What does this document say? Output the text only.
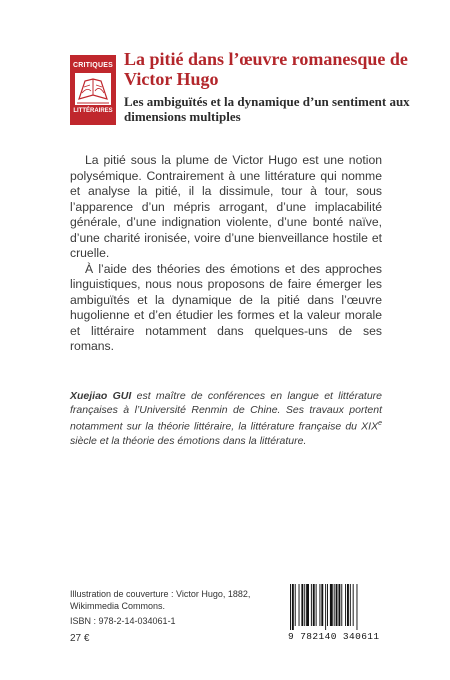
CRITIQUES
LITTÉRAIRES
La pitié dans l’œuvre romanesque de Victor Hugo
Les ambiguïtés et la dynamique d’un sentiment aux dimensions multiples

La pitié sous la plume de Victor Hugo est une notion polysémique. Contrairement à une littérature qui nomme et analyse la pitié, il la dissimule, tour à tour, sous l’apparence d’un mépris arrogant, d’une implacabilité générale, d’une indignation violente, d’une bonté naïve, d’une charité ironisée, voire d’une bienveillance hostile et cruelle.

À l’aide des théories des émotions et des approches linguistiques, nous nous proposons de faire émerger les ambiguïtés et la dynamique de la pitié dans l’œuvre hugolienne et d’en étudier les formes et la valeur morale et littéraire notamment dans quelques-uns de ses romans.

Xuejiao GUI est maître de conférences en langue et littérature françaises à l’Université Renmin de Chine. Ses travaux portent notamment sur la théorie littéraire, la littérature française du XIXe siècle et la théorie des émotions dans la littérature.
Illustration de couverture : Victor Hugo, 1882, Wikimmedia Commons.
ISBN : 978-2-14-034061-1
27 €	9 782140 340611
